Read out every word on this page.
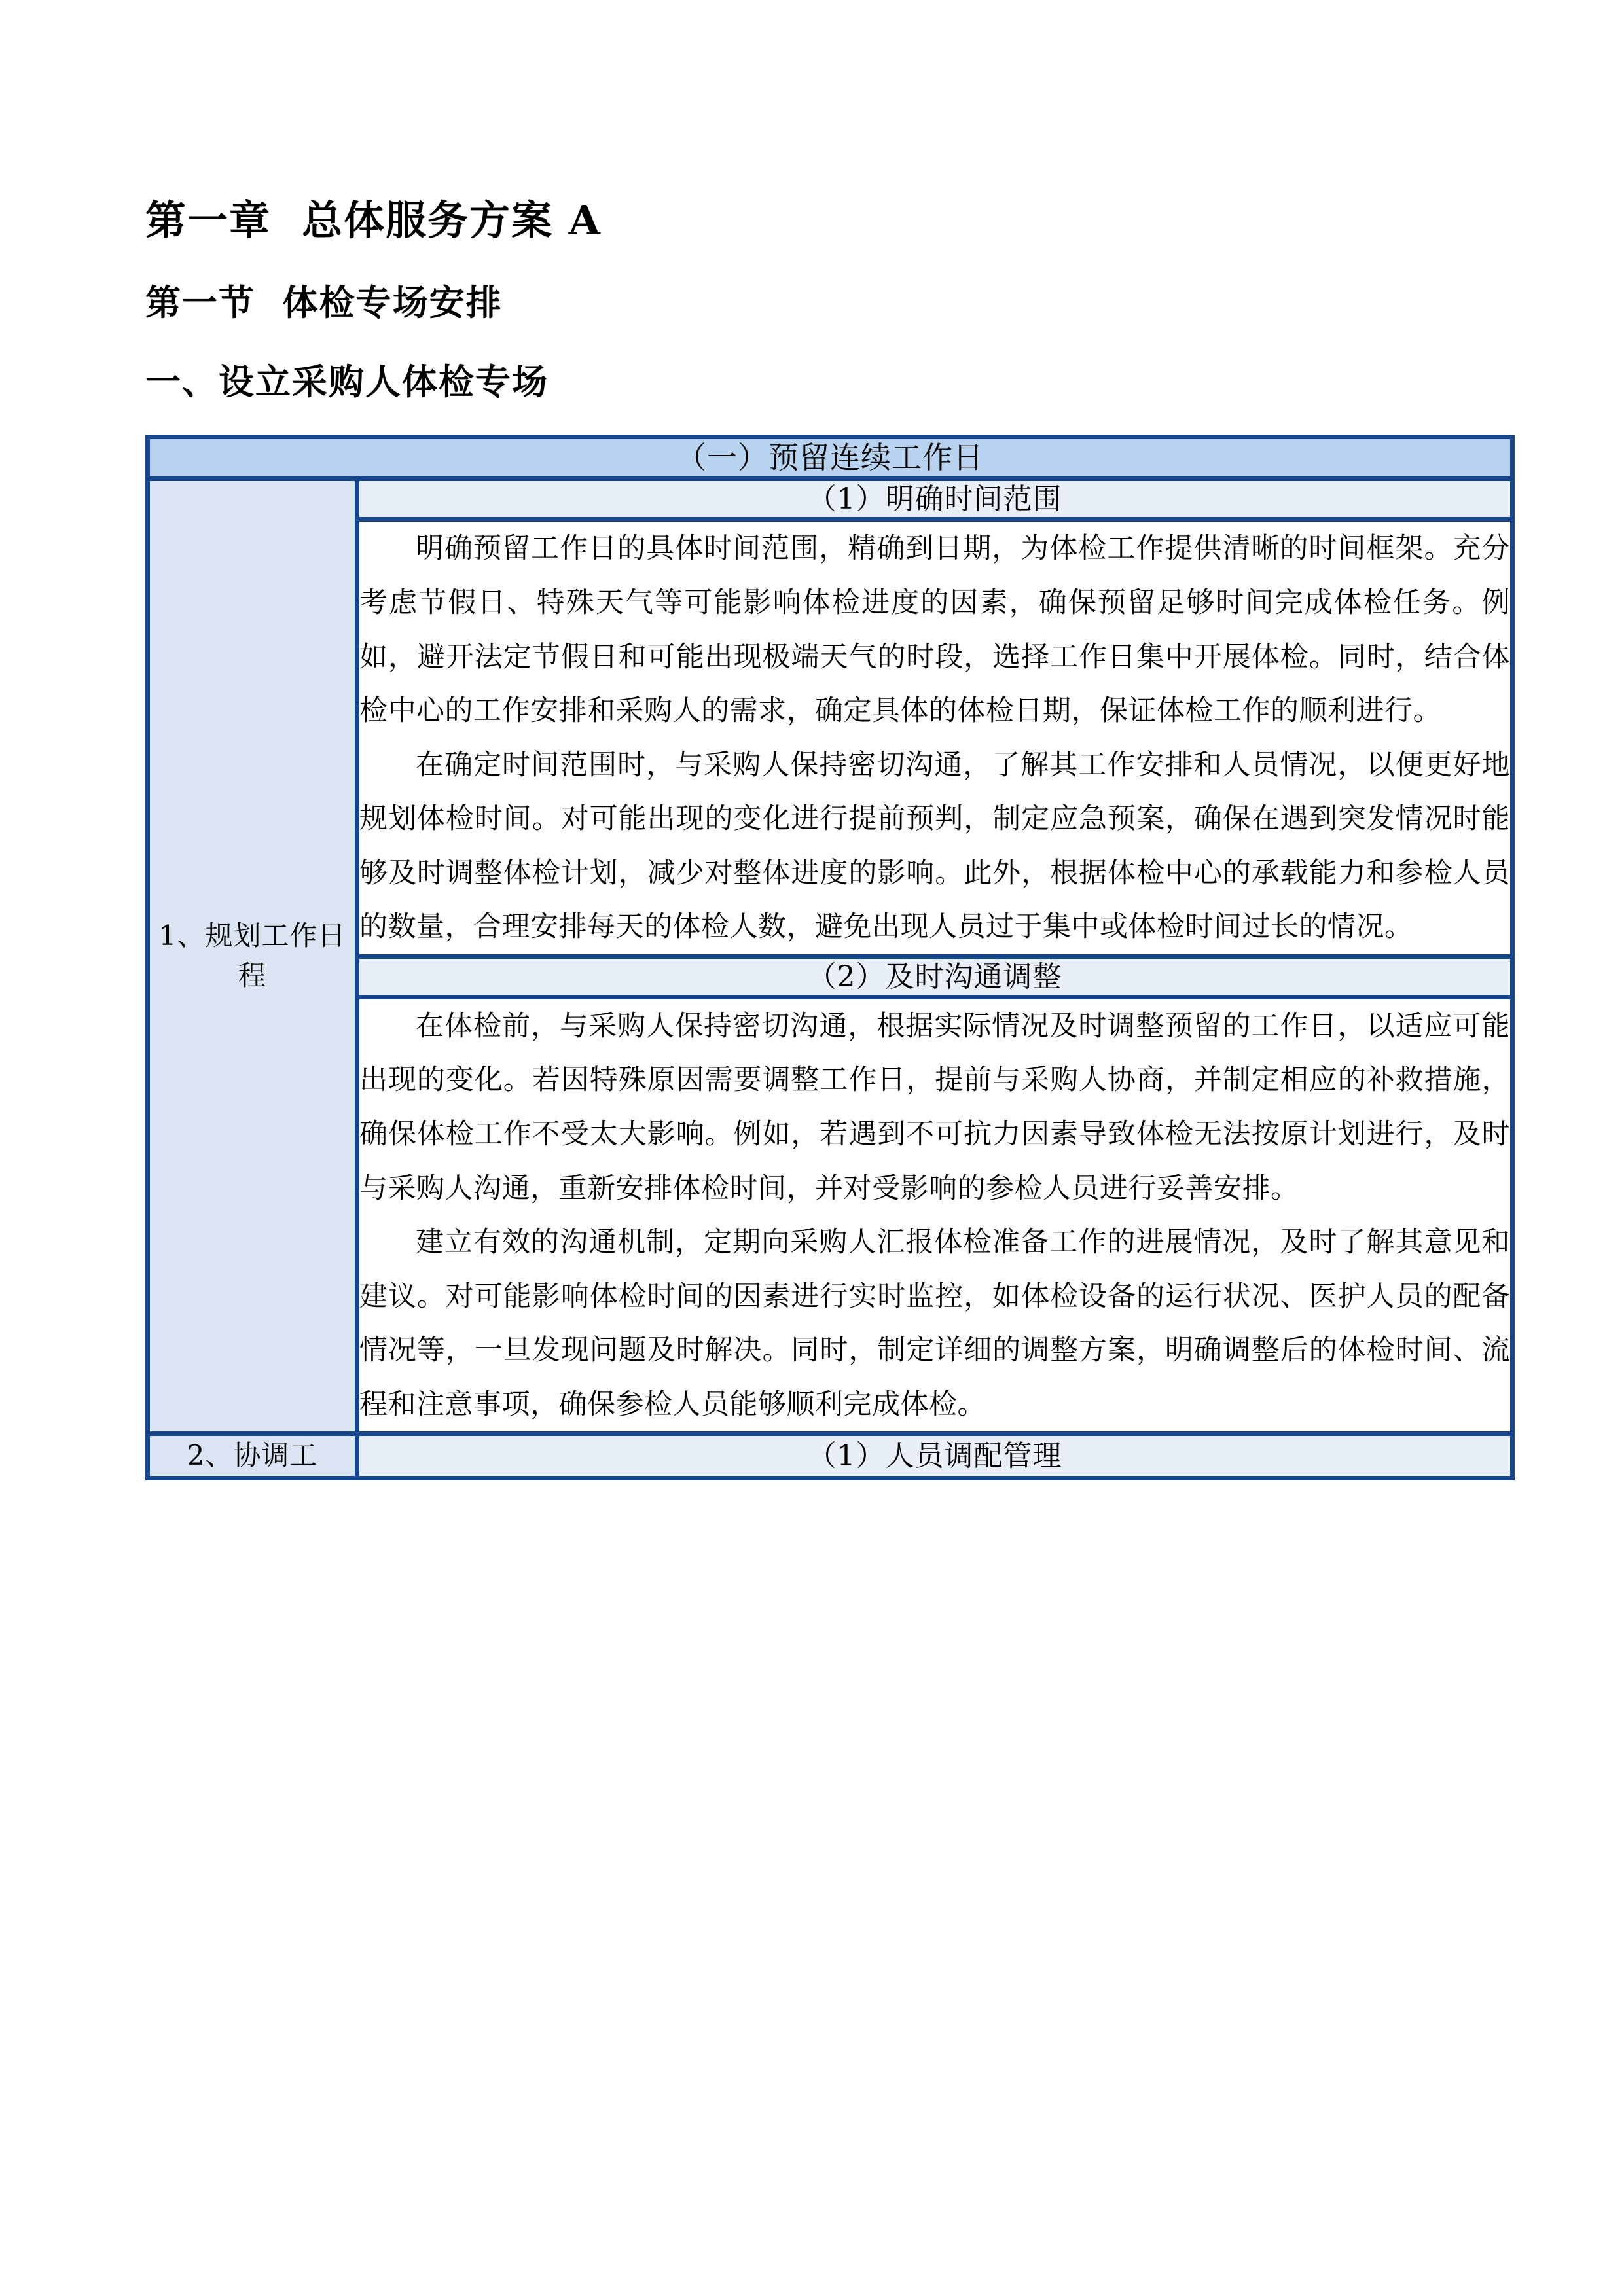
第一章  总体服务方案 A
第一节  体检专场安排
一、设立采购人体检专场
（一）预留连续工作日	
1、规划工作日程	（1）明确时间范围

	明确预留工作日的具体时间范围，精确到日期，为体检工作提供清晰的时间框架。充分考虑节假日、特殊天气等可能影响体检进度的因素，确保预留足够时间完成体检任务。例如，避开法定节假日和可能出现极端天气的时段，选择工作日集中开展体检。同时，结合体检中心的工作安排和采购人的需求，确定具体的体检日期，保证体检工作的顺利进行。

在确定时间范围时，与采购人保持密切沟通，了解其工作安排和人员情况，以便更好地规划体检时间。对可能出现的变化进行提前预判，制定应急预案，确保在遇到突发情况时能够及时调整体检计划，减少对整体进度的影响。此外，根据体检中心的承载能力和参检人员的数量，合理安排每天的体检人数，避免出现人员过于集中或体检时间过长的情况。

	（2）及时沟通调整

	在体检前，与采购人保持密切沟通，根据实际情况及时调整预留的工作日，以适应可能出现的变化。若因特殊原因需要调整工作日，提前与采购人协商，并制定相应的补救措施，确保体检工作不受太大影响。例如，若遇到不可抗力因素导致体检无法按原计划进行，及时与采购人沟通，重新安排体检时间，并对受影响的参检人员进行妥善安排。

建立有效的沟通机制，定期向采购人汇报体检准备工作的进展情况，及时了解其意见和建议。对可能影响体检时间的因素进行实时监控，如体检设备的运行状况、医护人员的配备情况等，一旦发现问题及时解决。同时，制定详细的调整方案，明确调整后的体检时间、流程和注意事项，确保参检人员能够顺利完成体检。

2、协调工	（1）人员调配管理
